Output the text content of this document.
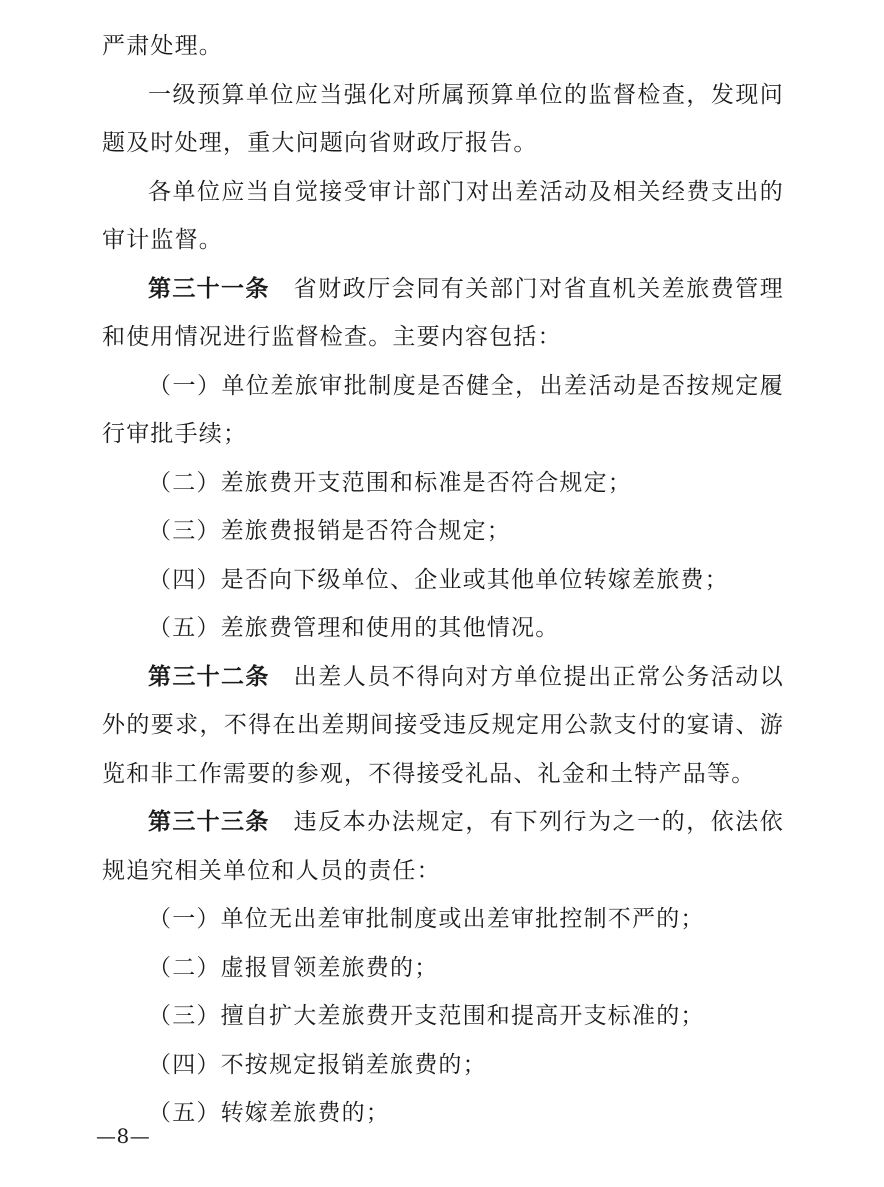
严肃处理。

一级预算单位应当强化对所属预算单位的监督检查，发现问题及时处理，重大问题向省财政厅报告。

各单位应当自觉接受审计部门对出差活动及相关经费支出的审计监督。

第三十一条 省财政厅会同有关部门对省直机关差旅费管理和使用情况进行监督检查。主要内容包括：

（一）单位差旅审批制度是否健全，出差活动是否按规定履行审批手续；

（二）差旅费开支范围和标准是否符合规定；

（三）差旅费报销是否符合规定；

（四）是否向下级单位、企业或其他单位转嫁差旅费；

（五）差旅费管理和使用的其他情况。

第三十二条 出差人员不得向对方单位提出正常公务活动以外的要求，不得在出差期间接受违反规定用公款支付的宴请、游览和非工作需要的参观，不得接受礼品、礼金和土特产品等。

第三十三条 违反本办法规定，有下列行为之一的，依法依规追究相关单位和人员的责任：

（一）单位无出差审批制度或出差审批控制不严的；

（二）虚报冒领差旅费的；

（三）擅自扩大差旅费开支范围和提高开支标准的；

（四）不按规定报销差旅费的；

（五）转嫁差旅费的；

—8—
